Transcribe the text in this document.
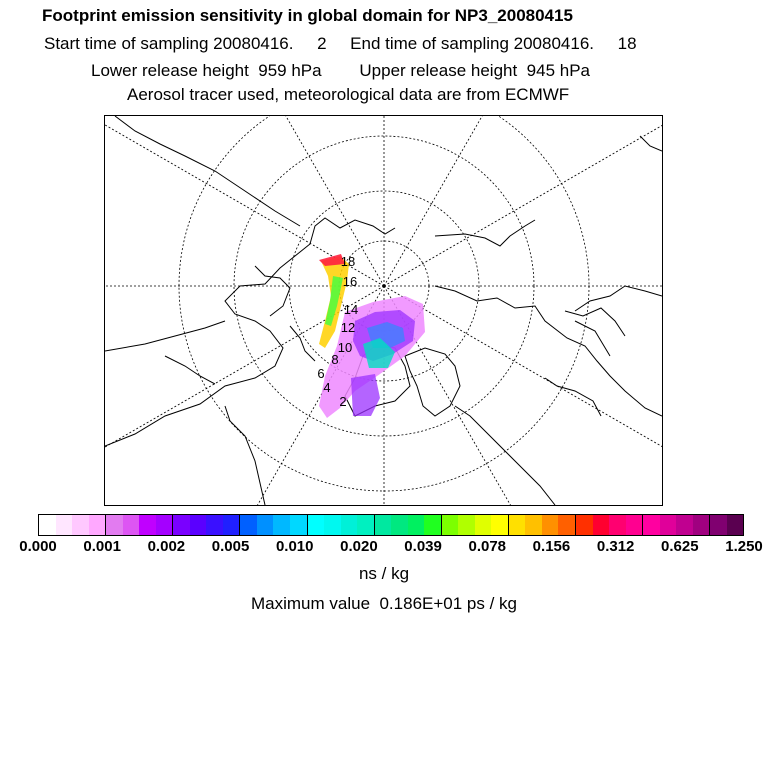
Footprint emission sensitivity in global domain for NP3_20080415
Start time of sampling 20080416.     2     End time of sampling 20080416.     18
Lower release height  959 hPa        Upper release height  945 hPa
Aerosol tracer used, meteorological data are from ECMWF
2
4
6
8
10
12
14
16
18
0.000 0.001 0.002 0.005 0.010 0.020 0.039 0.078 0.156 0.312 0.625 1.250
ns / kg
Maximum value  0.186E+01 ps / kg
